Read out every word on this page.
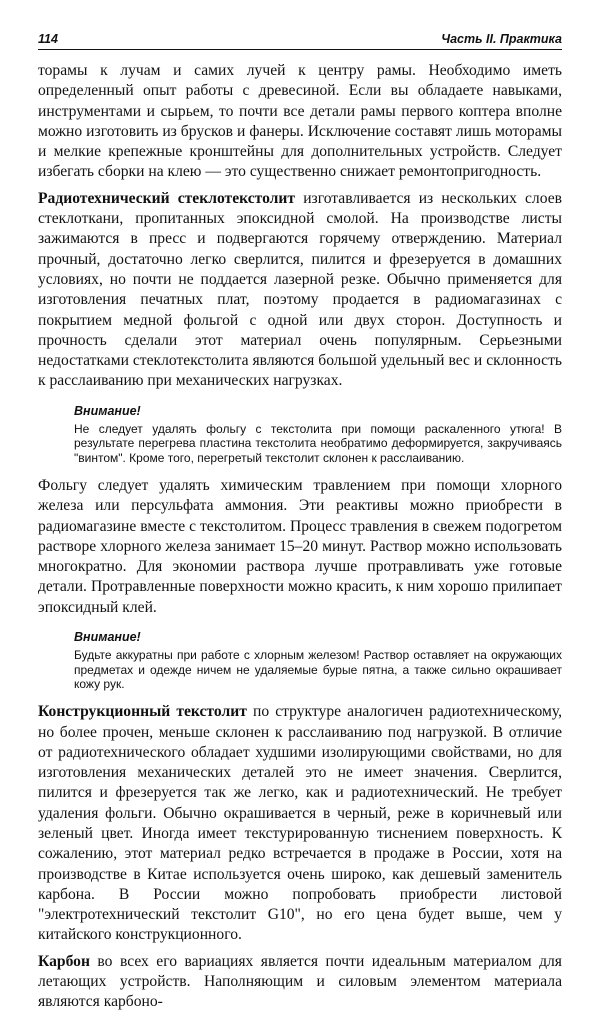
114	Часть II. Практика

торамы к лучам и самих лучей к центру рамы. Необходимо иметь определенный опыт работы с древесиной. Если вы обладаете навыками, инструментами и сырьем, то почти все детали рамы первого коптера вполне можно изготовить из брусков и фанеры. Исключение составят лишь моторамы и мелкие крепежные кронштейны для дополнительных устройств. Следует избегать сборки на клею — это существенно снижает ремонтопригодность.

Радиотехнический стеклотекстолит изготавливается из нескольких слоев стеклоткани, пропитанных эпоксидной смолой. На производстве листы зажимаются в пресс и подвергаются горячему отверждению. Материал прочный, достаточно легко сверлится, пилится и фрезеруется в домашних условиях, но почти не поддается лазерной резке. Обычно применяется для изготовления печатных плат, поэтому продается в радиомагазинах с покрытием медной фольгой с одной или двух сторон. Доступность и прочность сделали этот материал очень популярным. Серьезными недостатками стеклотекстолита являются большой удельный вес и склонность к расслаиванию при механических нагрузках.

Внимание!
Не следует удалять фольгу с текстолита при помощи раскаленного утюга! В результате перегрева пластина текстолита необратимо деформируется, закручиваясь "винтом". Кроме того, перегретый текстолит склонен к расслаиванию.

Фольгу следует удалять химическим травлением при помощи хлорного железа или персульфата аммония. Эти реактивы можно приобрести в радиомагазине вместе с текстолитом. Процесс травления в свежем подогретом растворе хлорного железа занимает 15–20 минут. Раствор можно использовать многократно. Для экономии раствора лучше протравливать уже готовые детали. Протравленные поверхности можно красить, к ним хорошо прилипает эпоксидный клей.

Внимание!
Будьте аккуратны при работе с хлорным железом! Раствор оставляет на окружающих предметах и одежде ничем не удаляемые бурые пятна, а также сильно окрашивает кожу рук.

Конструкционный текстолит по структуре аналогичен радиотехническому, но более прочен, меньше склонен к расслаиванию под нагрузкой. В отличие от радиотехнического обладает худшими изолирующими свойствами, но для изготовления механических деталей это не имеет значения. Сверлится, пилится и фрезеруется так же легко, как и радиотехнический. Не требует удаления фольги. Обычно окрашивается в черный, реже в коричневый или зеленый цвет. Иногда имеет текстурированную тиснением поверхность. К сожалению, этот материал редко встречается в продаже в России, хотя на производстве в Китае используется очень широко, как дешевый заменитель карбона. В России можно попробовать приобрести листовой "электротехнический текстолит G10", но его цена будет выше, чем у китайского конструкционного.

Карбон во всех его вариациях является почти идеальным материалом для летающих устройств. Наполняющим и силовым элементом материала являются карбоно-
